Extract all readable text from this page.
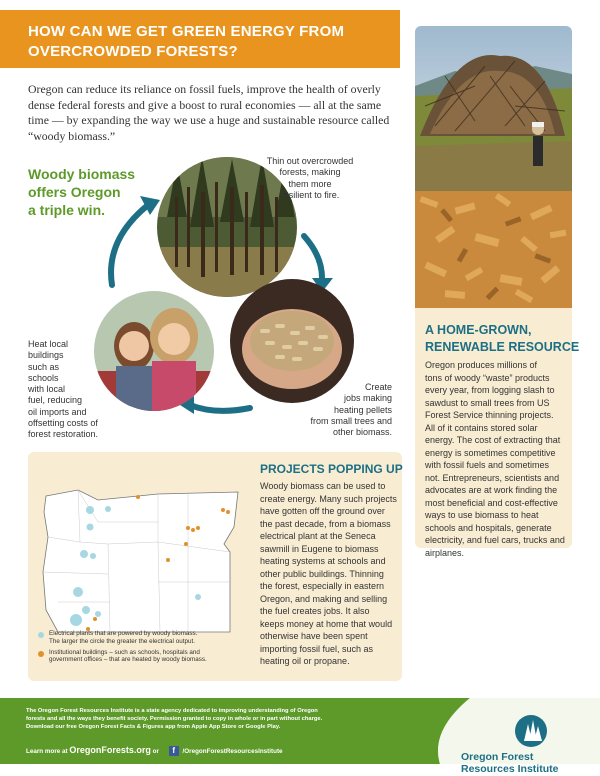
HOW CAN WE GET GREEN ENERGY FROM
OVERCROWDED FORESTS?
Oregon can reduce its reliance on fossil fuels, improve the health of overly
dense federal forests and give a boost to rural economies — all at the same
time — by expanding the way we use a huge and sustainable resource called
“woody biomass.”
A HOME-GROWN,
RENEWABLE RESOURCE
Oregon produces millions of
tons of woody “waste” products
every year, from logging slash to
sawdust to small trees from US
Forest Service thinning projects.
All of it contains stored solar
energy. The cost of extracting that
energy is sometimes competitive
with fossil fuels and sometimes
not. Entrepreneurs, scientists and
advocates are at work finding the
most beneficial and cost-effective
ways to use biomass to heat
schools and hospitals, generate
electricity, and fuel cars, trucks and
airplanes.
Woody biomass
offers Oregon
a triple win.
Thin out overcrowded
forests, making
them more
resilient to fire.
Heat local
buildings
such as
schools
with local
fuel, reducing
oil imports and
offsetting costs of
forest restoration.
Create
jobs making
heating pellets
from small trees and
other biomass.
Electrical plants that are powered by woody biomass.
The larger the circle the greater the electrical output.
Institutional buildings – such as schools, hospitals and
government offices – that are heated by woody biomass.
PROJECTS POPPING UP
Woody biomass can be used to
create energy. Many such projects
have gotten off the ground over
the past decade, from a biomass
electrical plant at the Seneca
sawmill in Eugene to biomass
heating systems at schools and
other public buildings. Thinning
the forest, especially in eastern
Oregon, and making and selling
the fuel creates jobs. It also
keeps money at home that would
otherwise have been spent
importing fossil fuel, such as
heating oil or propane.
The Oregon Forest Resources Institute is a state agency dedicated to improving understanding of Oregon
forests and all the ways they benefit society. Permission granted to copy in whole or in part without charge.
Download our free Oregon Forest Facts & Figures app from Apple App Store or Google Play.
Learn more at OregonForests.org or f /OregonForestResourcesInstitute	Oregon Forest
Resources Institute
